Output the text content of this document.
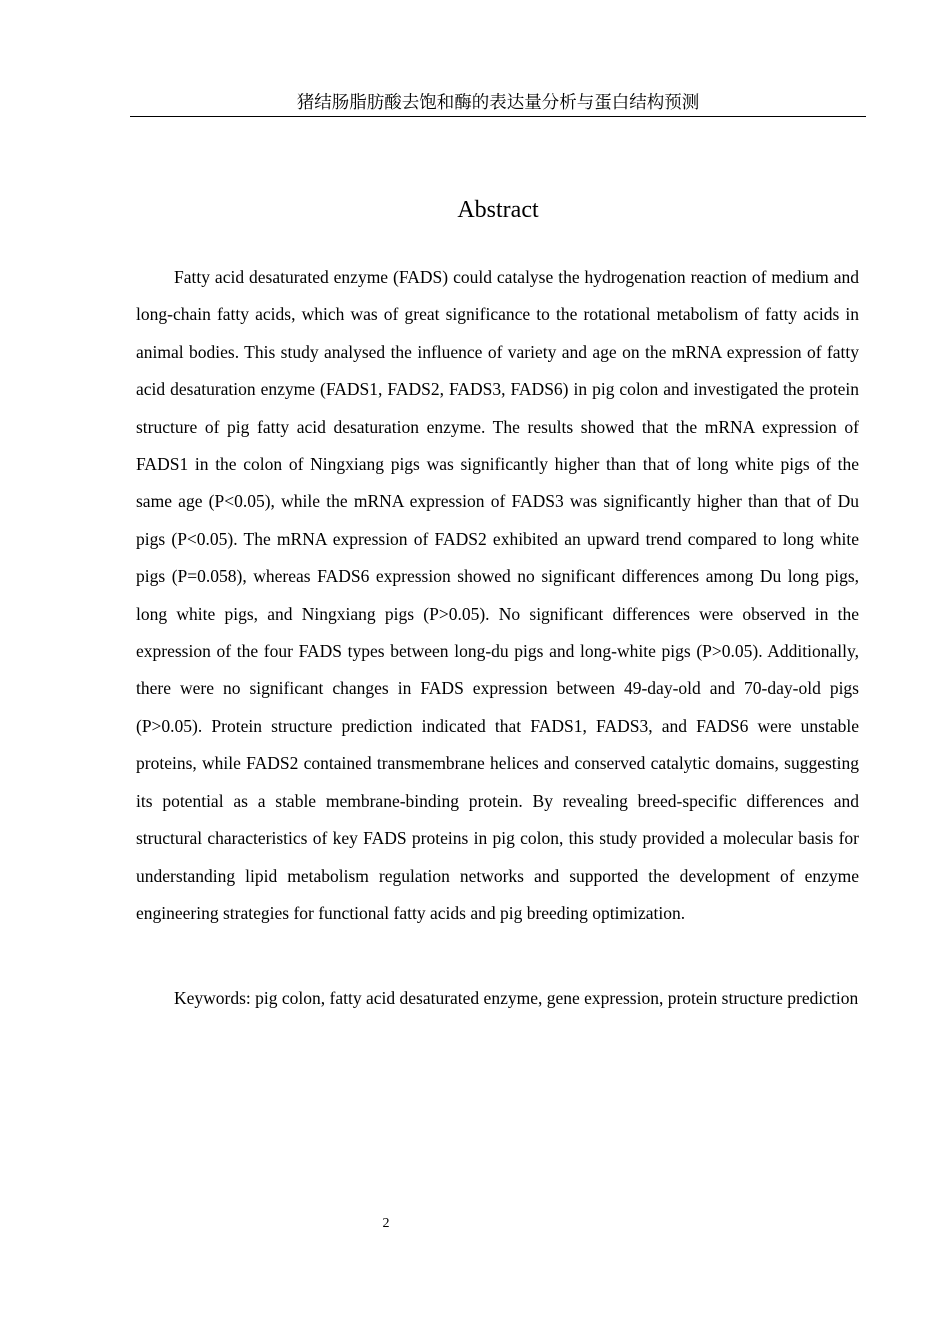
猪结肠脂肪酸去饱和酶的表达量分析与蛋白结构预测
Abstract

Fatty acid desaturated enzyme (FADS) could catalyse the hydrogenation reaction of medium and long-chain fatty acids, which was of great significance to the rotational metabolism of fatty acids in animal bodies. This study analysed the influence of variety and age on the mRNA expression of fatty acid desaturation enzyme (FADS1, FADS2, FADS3, FADS6) in pig colon and investigated the protein structure of pig fatty acid desaturation enzyme. The results showed that the mRNA expression of FADS1 in the colon of Ningxiang pigs was significantly higher than that of long white pigs of the same age (P<0.05), while the mRNA expression of FADS3 was significantly higher than that of Du pigs (P<0.05). The mRNA expression of FADS2 exhibited an upward trend compared to long white pigs (P=0.058), whereas FADS6 expression showed no significant differences among Du long pigs, long white pigs, and Ningxiang pigs (P>0.05). No significant differences were observed in the expression of the four FADS types between long-du pigs and long-white pigs (P>0.05). Additionally, there were no significant changes in FADS expression between 49-day-old and 70-day-old pigs (P>0.05). Protein structure prediction indicated that FADS1, FADS3, and FADS6 were unstable proteins, while FADS2 contained transmembrane helices and conserved catalytic domains, suggesting its potential as a stable membrane-binding protein. By revealing breed-specific differences and structural characteristics of key FADS proteins in pig colon, this study provided a molecular basis for understanding lipid metabolism regulation networks and supported the development of enzyme engineering strategies for functional fatty acids and pig breeding optimization.

Keywords: pig colon, fatty acid desaturated enzyme, gene expression, protein structure prediction

2
